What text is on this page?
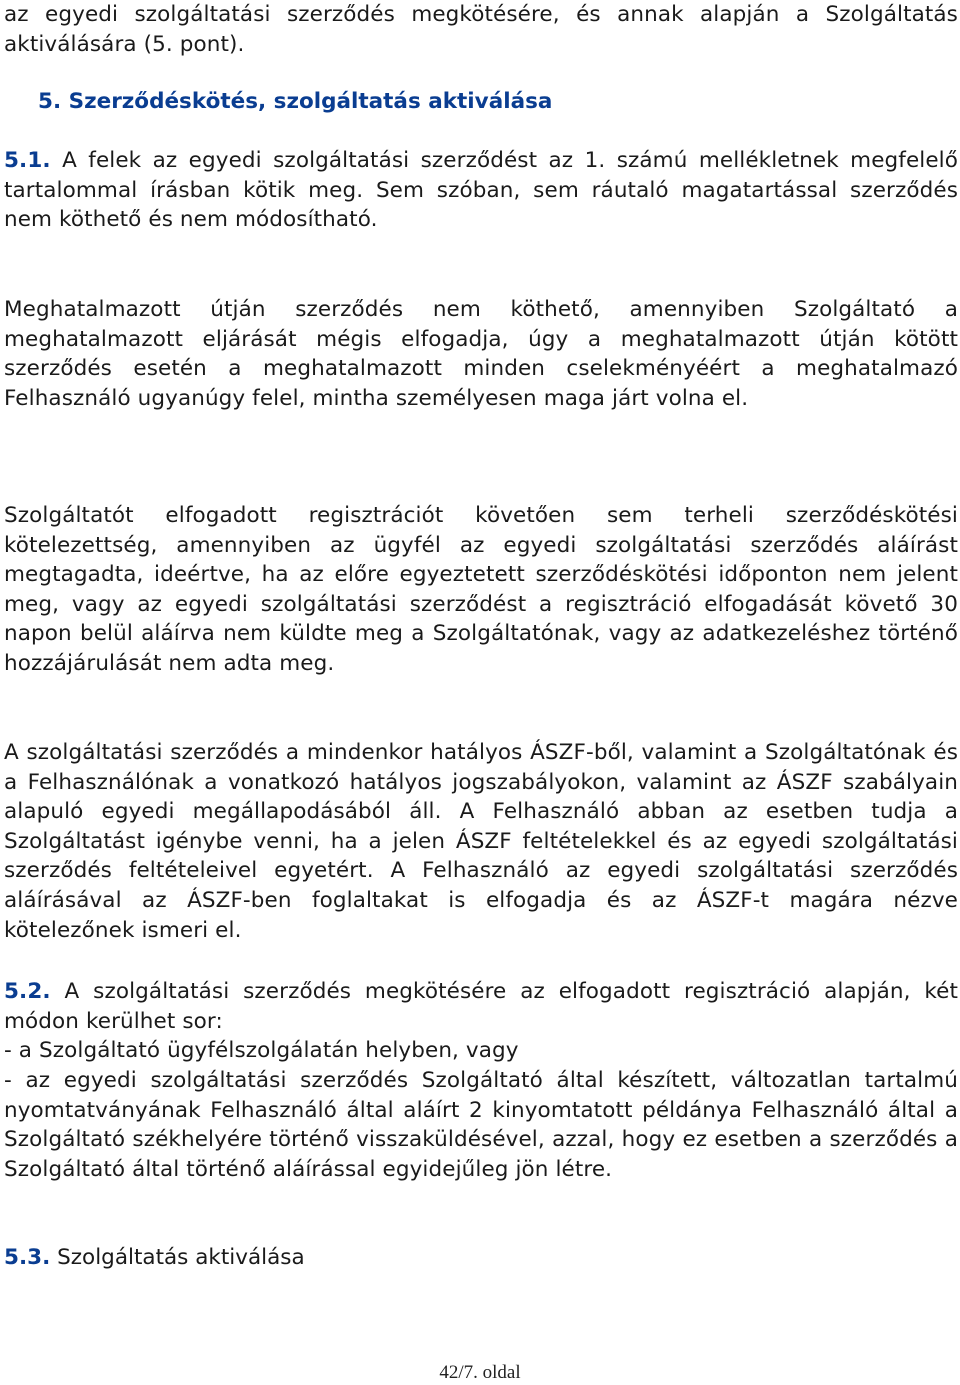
az egyedi szolgáltatási szerződés megkötésére, és annak alapján a Szolgáltatás aktiválására (5. pont).

5. Szerződéskötés, szolgáltatás aktiválása

5.1. A felek az egyedi szolgáltatási szerződést az 1. számú mellékletnek megfelelő tartalommal írásban kötik meg. Sem szóban, sem ráutaló magatartással szerződés nem köthető és nem módosítható.

Meghatalmazott útján szerződés nem köthető, amennyiben Szolgáltató a meghatalmazott eljárását mégis elfogadja, úgy a meghatalmazott útján kötött szerződés esetén a meghatalmazott minden cselekményéért a meghatalmazó Felhasználó ugyanúgy felel, mintha személyesen maga járt volna el.

Szolgáltatót elfogadott regisztrációt követően sem terheli szerződéskötési kötelezettség, amennyiben az ügyfél az egyedi szolgáltatási szerződés aláírást megtagadta, ideértve, ha az előre egyeztetett szerződéskötési időponton nem jelent meg, vagy az egyedi szolgáltatási szerződést a regisztráció elfogadását követő 30 napon belül aláírva nem küldte meg a Szolgáltatónak, vagy az adatkezeléshez történő hozzájárulását nem adta meg.

A szolgáltatási szerződés a mindenkor hatályos ÁSZF-ből, valamint a Szolgáltatónak és a Felhasználónak a vonatkozó hatályos jogszabályokon, valamint az ÁSZF szabályain alapuló egyedi megállapodásából áll. A Felhasználó abban az esetben tudja a Szolgáltatást igénybe venni, ha a jelen ÁSZF feltételekkel és az egyedi szolgáltatási szerződés feltételeivel egyetért. A Felhasználó az egyedi szolgáltatási szerződés aláírásával az ÁSZF-ben foglaltakat is elfogadja és az ÁSZF-t magára nézve kötelezőnek ismeri el.

5.2. A szolgáltatási szerződés megkötésére az elfogadott regisztráció alapján, két módon kerülhet sor:

- a Szolgáltató ügyfélszolgálatán helyben, vagy

- az egyedi szolgáltatási szerződés Szolgáltató által készített, változatlan tartalmú nyomtatványának Felhasználó által aláírt 2 kinyomtatott példánya Felhasználó által a Szolgáltató székhelyére történő visszaküldésével, azzal, hogy ez esetben a szerződés a Szolgáltató által történő aláírással egyidejűleg jön létre.

5.3. Szolgáltatás aktiválása

42/7. oldal
